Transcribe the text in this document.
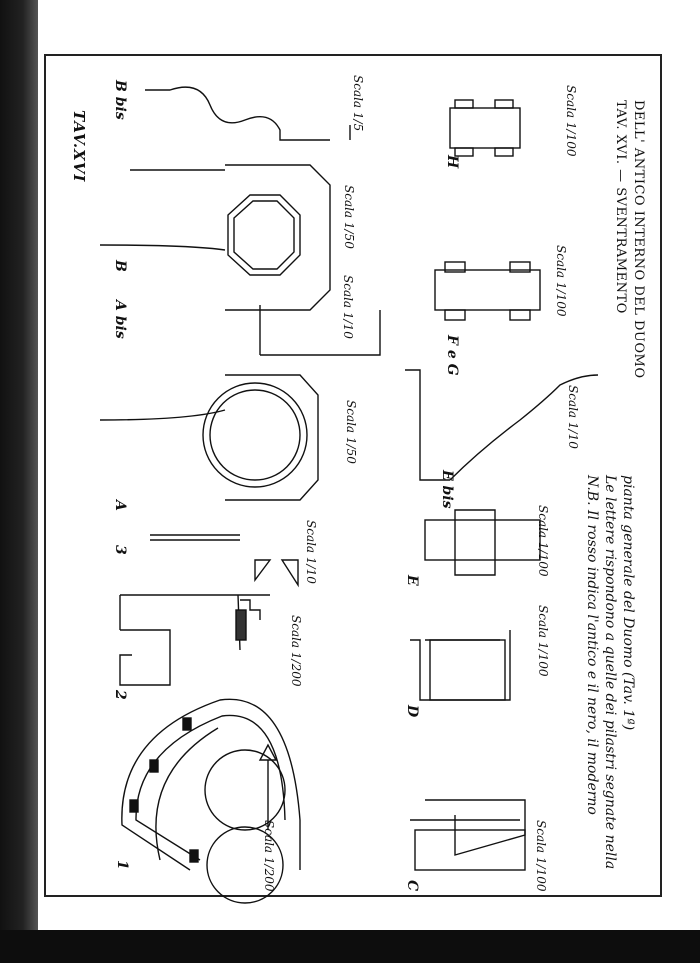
TAV.XVI	TAV. XVI. — SVENTRAMENTO DELL' ANTICO INTERNO DEL DUOMO
N.B. Il rosso indica l'antico e il nero, il moderno Le lettere rispondono a quelle dei pilastri segnate nella pianta generale del Duomo (Tav. 1ª)
1
2
3
A
A bis
B
B bis
C
D
E
E bis
F e G
H
Scala 1/200
Scala 1/200
Scala 1/10
Scala 1/50
Scala 1/10
Scala 1/50
Scala 1/5
Scala 1/100
Scala 1/100
Scala 1/100
Scala 1/10
Scala 1/100
Scala 1/100
